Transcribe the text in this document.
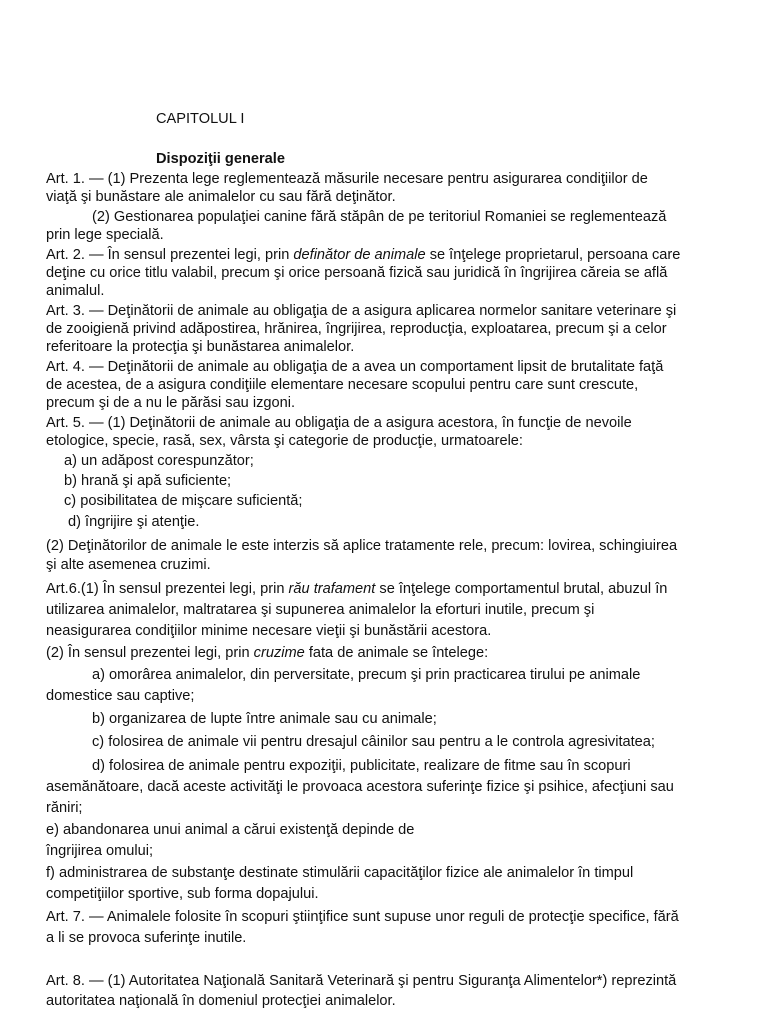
CAPITOLUL I
Dispoziţii generale
Art. 1. — (1) Prezenta lege reglementează măsurile necesare pentru asigurarea condiţiilor de
viaţă şi bunăstare ale animalelor cu sau fără deţinător.
(2) Gestionarea populaţiei canine fără stăpân de pe teritoriul Romaniei se reglementează
prin lege specială.
Art. 2. — În sensul prezentei legi, prin definător de animale se înţelege proprietarul, persoana care
deţine cu orice titlu valabil, precum şi orice persoană fizică sau juridică în îngrijirea căreia se află
animalul.
Art. 3. — Deţinătorii de animale au obligaţia de a asigura aplicarea normelor sanitare veterinare şi
de zooigienă privind adăpostirea, hrănirea, îngrijirea, reproducţia, exploatarea, precum şi a celor
referitoare la protecţia şi bunăstarea animalelor.
Art. 4. — Deţinătorii de animale au obligaţia de a avea un comportament lipsit de brutalitate faţă
de acestea, de a asigura condiţiile elementare necesare scopului pentru care sunt crescute,
precum şi de a nu le părăsi sau izgoni.
Art. 5. — (1) Deţinătorii de animale au obligaţia de a asigura acestora, în funcţie de nevoile
etologice, specie, rasă, sex, vârsta şi categorie de producţie, urmatoarele:
a) un adăpost corespunzător;
b) hrană şi apă suficiente;
c) posibilitatea de mişcare suficientă;
d) îngrijire şi atenţie.
(2) Deţinătorilor de animale le este interzis să aplice tratamente rele, precum: lovirea, schingiuirea
şi alte asemenea cruzimi.
Art.6.(1) În sensul prezentei legi, prin rău trafament se înţelege comportamentul brutal, abuzul în
utilizarea animalelor, maltratarea şi supunerea animalelor la eforturi inutile, precum şi
neasigurarea condiţiilor minime necesare vieţii şi bunăstării acestora.
(2) În sensul prezentei legi, prin cruzime fata de animale se întelege:
a) omorârea animalelor, din perversitate, precum şi prin practicarea tirului pe animale
domestice sau captive;
b) organizarea de lupte între animale sau cu animale;
c) folosirea de animale vii pentru dresajul câinilor sau pentru a le controla agresivitatea;
d) folosirea de animale pentru expoziţii, publicitate, realizare de fitme sau în scopuri
asemănătoare, dacă aceste activităţi le provoaca acestora suferinţe fizice şi psihice, afecţiuni sau
răniri;
e) abandonarea unui animal a cărui existenţă depinde de
îngrijirea omului;
f) administrarea de substanţe destinate stimulării capacităţilor fizice ale animalelor în timpul
competiţiilor sportive, sub forma dopajului.
Art. 7. — Animalele folosite în scopuri ştiinţifice sunt supuse unor reguli de protecţie specifice, fără
a li se provoca suferinţe inutile.
Art. 8. — (1) Autoritatea Naţională Sanitară Veterinară şi pentru Siguranţa Alimentelor*) reprezintă
autoritatea naţională în domeniul protecţiei animalelor.
